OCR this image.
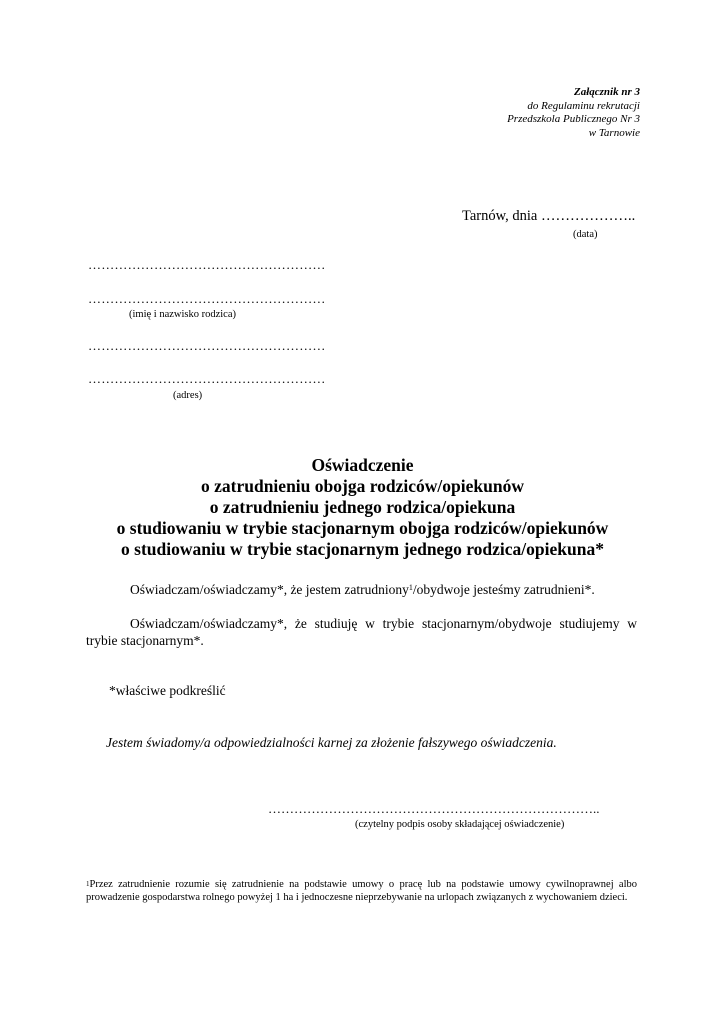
Załącznik nr 3
do Regulaminu rekrutacji
Przedszkola Publicznego Nr 3
w Tarnowie
Tarnów, dnia ………………..
(data)
………………………………………………
………………………………………………
(imię i nazwisko rodzica)
………………………………………………
………………………………………………
(adres)
Oświadczenie
o zatrudnieniu obojga rodziców/opiekunów
o zatrudnieniu jednego rodzica/opiekuna
o studiowaniu w trybie stacjonarnym obojga rodziców/opiekunów
o studiowaniu w trybie stacjonarnym jednego rodzica/opiekuna*
Oświadczam/oświadczamy*, że jestem zatrudniony$^1$/obydwoje jesteśmy zatrudnieni*.
Oświadczam/oświadczamy*, że studiuję w trybie stacjonarnym/obydwoje studiujemy w trybie stacjonarnym*.
*właściwe podkreślić
Jestem świadomy/a odpowiedzialności karnej za złożenie fałszywego oświadczenia.
…………………………………………………………………..
(czytelny podpis osoby składającej oświadczenie)
$^1$Przez zatrudnienie rozumie się zatrudnienie na podstawie umowy o pracę lub na podstawie umowy cywilnoprawnej albo prowadzenie gospodarstwa rolnego powyżej 1 ha i jednoczesne nieprzebywanie na urlopach związanych z wychowaniem dzieci.
